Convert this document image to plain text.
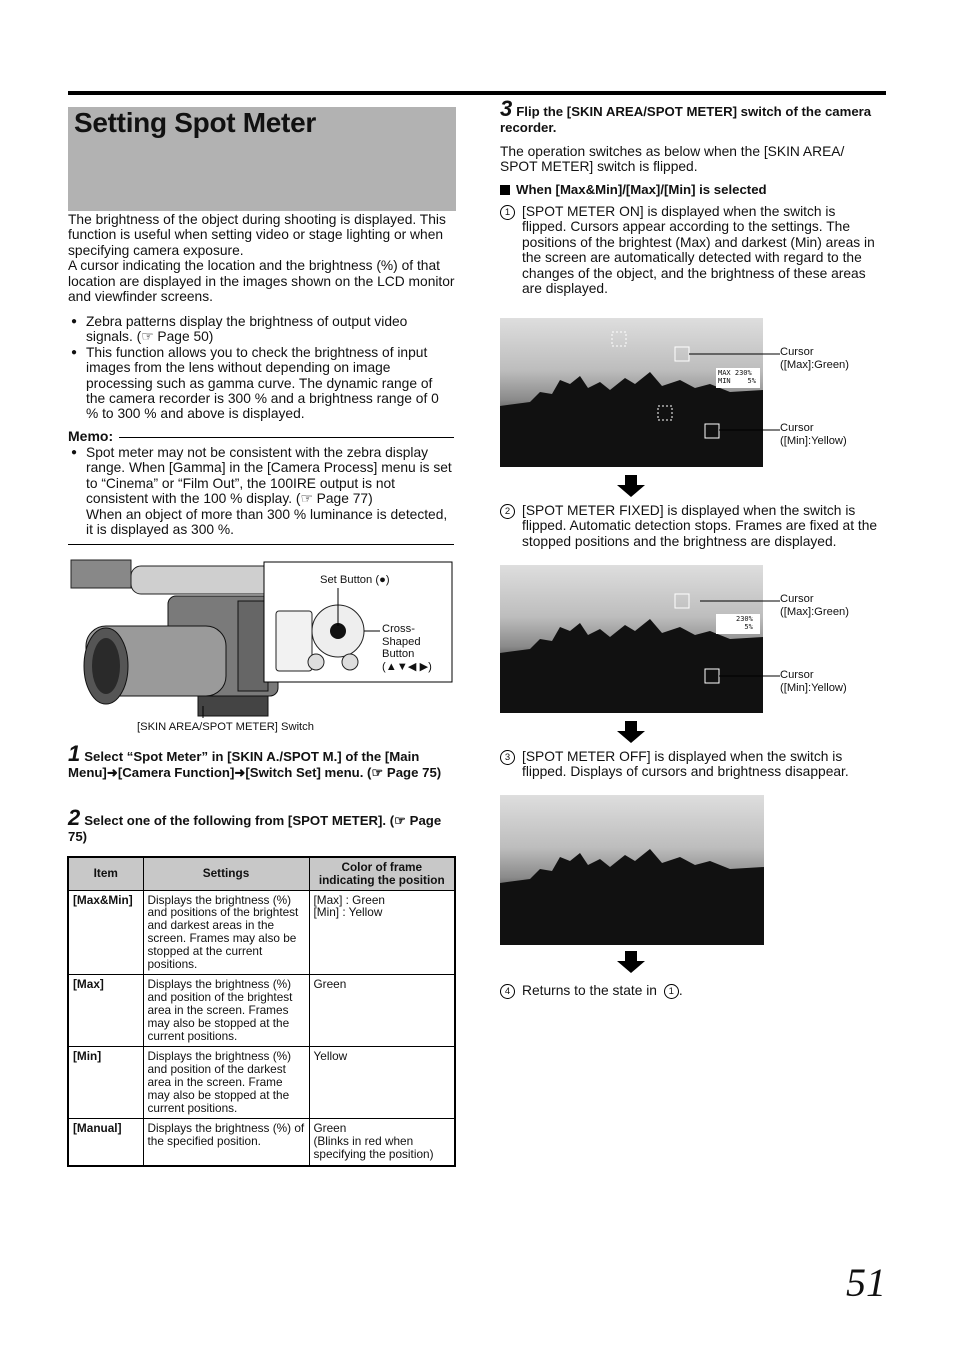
Setting Spot Meter
The brightness of the object during shooting is displayed. This function is useful when setting video or stage lighting or when specifying camera exposure.
A cursor indicating the location and the brightness (%) of that location are displayed in the images shown on the LCD monitor and viewfinder screens.
● Zebra patterns display the brightness of output video signals. (☞ Page 50)
● This function allows you to check the brightness of input images from the lens without depending on image processing such as gamma curve. The dynamic range of the camera recorder is 300 % and a brightness range of 0 % to 300 % and above is displayed.
Memo:
● Spot meter may not be consistent with the zebra display range. When [Gamma] in the [Camera Process] menu is set to “Cinema” or “Film Out”, the 100IRE output is not consistent with the 100 % display. (☞ Page 77)
When an object of more than 300 % luminance is detected, it is displayed as 300 %.
Set Button (●)
Cross-
Shaped
Button
(▲▼◀ ▶)
[SKIN AREA/SPOT METER] Switch
1 Select “Spot Meter” in [SKIN A./SPOT M.] of the [Main Menu]➜[Camera Function]➜[Switch Set] menu. (☞ Page 75)
2 Select one of the following from [SPOT METER]. (☞ Page 75)
Item	Settings	Color of frame indicating the position
[Max&Min]	Displays the brightness (%) and positions of the brightest and darkest areas in the screen. Frames may also be stopped at the current positions.	[Max] : Green
[Min] : Yellow
[Max]	Displays the brightness (%) and position of the brightest area in the screen. Frames may also be stopped at the current positions.	Green
[Min]	Displays the brightness (%) and position of the darkest area in the screen. Frame may also be stopped at the current positions.	Yellow
[Manual]	Displays the brightness (%) of the specified position.	Green
(Blinks in red when specifying the position)
3 Flip the [SKIN AREA/SPOT METER] switch of the camera recorder.
The operation switches as below when the [SKIN AREA/ SPOT METER] switch is flipped.
When [Max&Min]/[Max]/[Min] is selected
1 [SPOT METER ON] is displayed when the switch is flipped. Cursors appear according to the settings. The positions of the brightest (Max) and darkest (Min) areas in the screen are automatically detected with regard to the changes of the object, and the brightness of these areas are displayed.
MAX 230%
MIN    5%
Cursor
([Max]:Green)
Cursor
([Min]:Yellow)
2 [SPOT METER FIXED] is displayed when the switch is flipped. Automatic detection stops. Frames are fixed at the stopped positions and the brightness are displayed.
230%
5%
Cursor
([Max]:Green)
Cursor
([Min]:Yellow)
3 [SPOT METER OFF] is displayed when the switch is flipped. Displays of cursors and brightness disappear.
4 Returns to the state in 1 .
51
